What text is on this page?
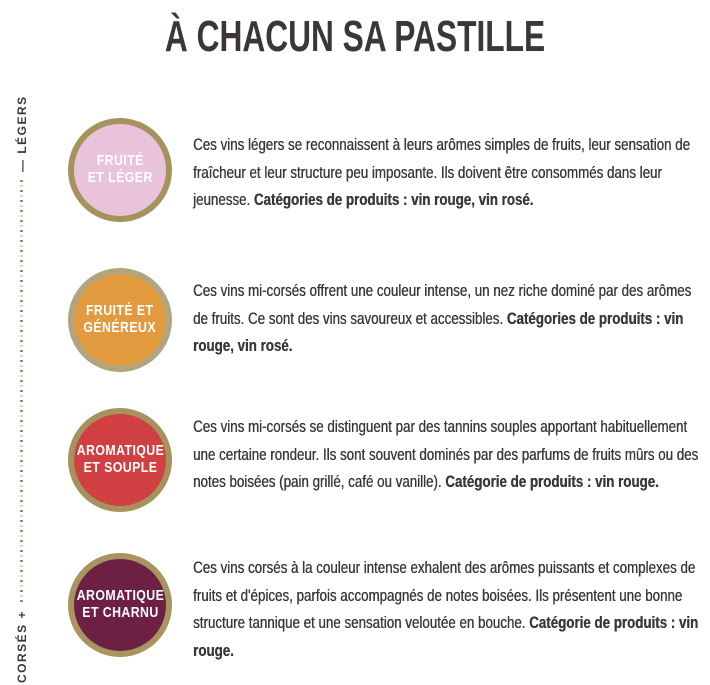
À CHACUN SA PASTILLE
— LÉGERS
CORSÉS +
FRUITÉ
ET LÉGER
Ces vins légers se reconnaissent à leurs arômes simples de fruits, leur sensation de fraîcheur et leur structure peu imposante. Ils doivent être consommés dans leur jeunesse. Catégories de produits : vin rouge, vin rosé.
FRUITÉ ET
GÉNÉREUX
Ces vins mi-corsés offrent une couleur intense, un nez riche dominé par des arômes de fruits. Ce sont des vins savoureux et accessibles. Catégories de produits : vin rouge, vin rosé.
AROMATIQUE
ET SOUPLE
Ces vins mi-corsés se distinguent par des tannins souples apportant habituellement une certaine rondeur. Ils sont souvent dominés par des parfums de fruits mûrs ou des notes boisées (pain grillé, café ou vanille). Catégorie de produits : vin rouge.
AROMATIQUE
ET CHARNU
Ces vins corsés à la couleur intense exhalent des arômes puissants et complexes de fruits et d'épices, parfois accompagnés de notes boisées. Ils présentent une bonne structure tannique et une sensation veloutée en bouche. Catégorie de produits : vin rouge.
